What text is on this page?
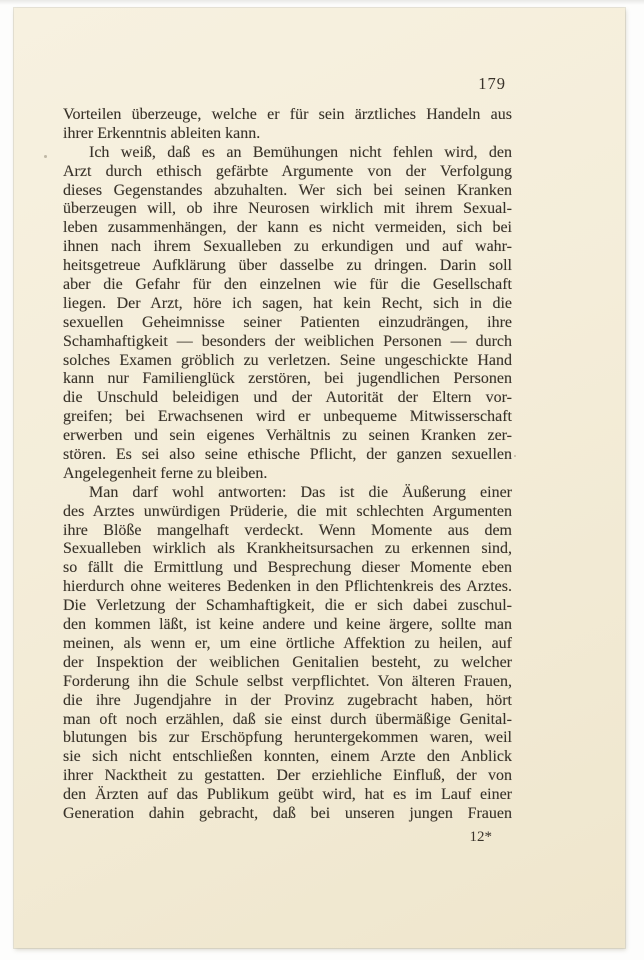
179
Vorteilen überzeuge, welche er für sein ärztliches Handeln aus
ihrer Erkenntnis ableiten kann.
Ich weiß, daß es an Bemühungen nicht fehlen wird, den
Arzt durch ethisch gefärbte Argumente von der Verfolgung
dieses Gegenstandes abzuhalten. Wer sich bei seinen Kranken
überzeugen will, ob ihre Neurosen wirklich mit ihrem Sexual-
leben zusammenhängen, der kann es nicht vermeiden, sich bei
ihnen nach ihrem Sexualleben zu erkundigen und auf wahr-
heitsgetreue Aufklärung über dasselbe zu dringen. Darin soll
aber die Gefahr für den einzelnen wie für die Gesellschaft
liegen. Der Arzt, höre ich sagen, hat kein Recht, sich in die
sexuellen Geheimnisse seiner Patienten einzudrängen, ihre
Schamhaftigkeit — besonders der weiblichen Personen — durch
solches Examen gröblich zu verletzen. Seine ungeschickte Hand
kann nur Familienglück zerstören, bei jugendlichen Personen
die Unschuld beleidigen und der Autorität der Eltern vor-
greifen; bei Erwachsenen wird er unbequeme Mitwisserschaft
erwerben und sein eigenes Verhältnis zu seinen Kranken zer-
stören. Es sei also seine ethische Pflicht, der ganzen sexuellen
Angelegenheit ferne zu bleiben.
Man darf wohl antworten: Das ist die Äußerung einer
des Arztes unwürdigen Prüderie, die mit schlechten Argumenten
ihre Blöße mangelhaft verdeckt. Wenn Momente aus dem
Sexualleben wirklich als Krankheitsursachen zu erkennen sind,
so fällt die Ermittlung und Besprechung dieser Momente eben
hierdurch ohne weiteres Bedenken in den Pflichtenkreis des Arztes.
Die Verletzung der Schamhaftigkeit, die er sich dabei zuschul-
den kommen läßt, ist keine andere und keine ärgere, sollte man
meinen, als wenn er, um eine örtliche Affektion zu heilen, auf
der Inspektion der weiblichen Genitalien besteht, zu welcher
Forderung ihn die Schule selbst verpflichtet. Von älteren Frauen,
die ihre Jugendjahre in der Provinz zugebracht haben, hört
man oft noch erzählen, daß sie einst durch übermäßige Genital-
blutungen bis zur Erschöpfung heruntergekommen waren, weil
sie sich nicht entschließen konnten, einem Arzte den Anblick
ihrer Nacktheit zu gestatten. Der erziehliche Einfluß, der von
den Ärzten auf das Publikum geübt wird, hat es im Lauf einer
Generation dahin gebracht, daß bei unseren jungen Frauen
12*
